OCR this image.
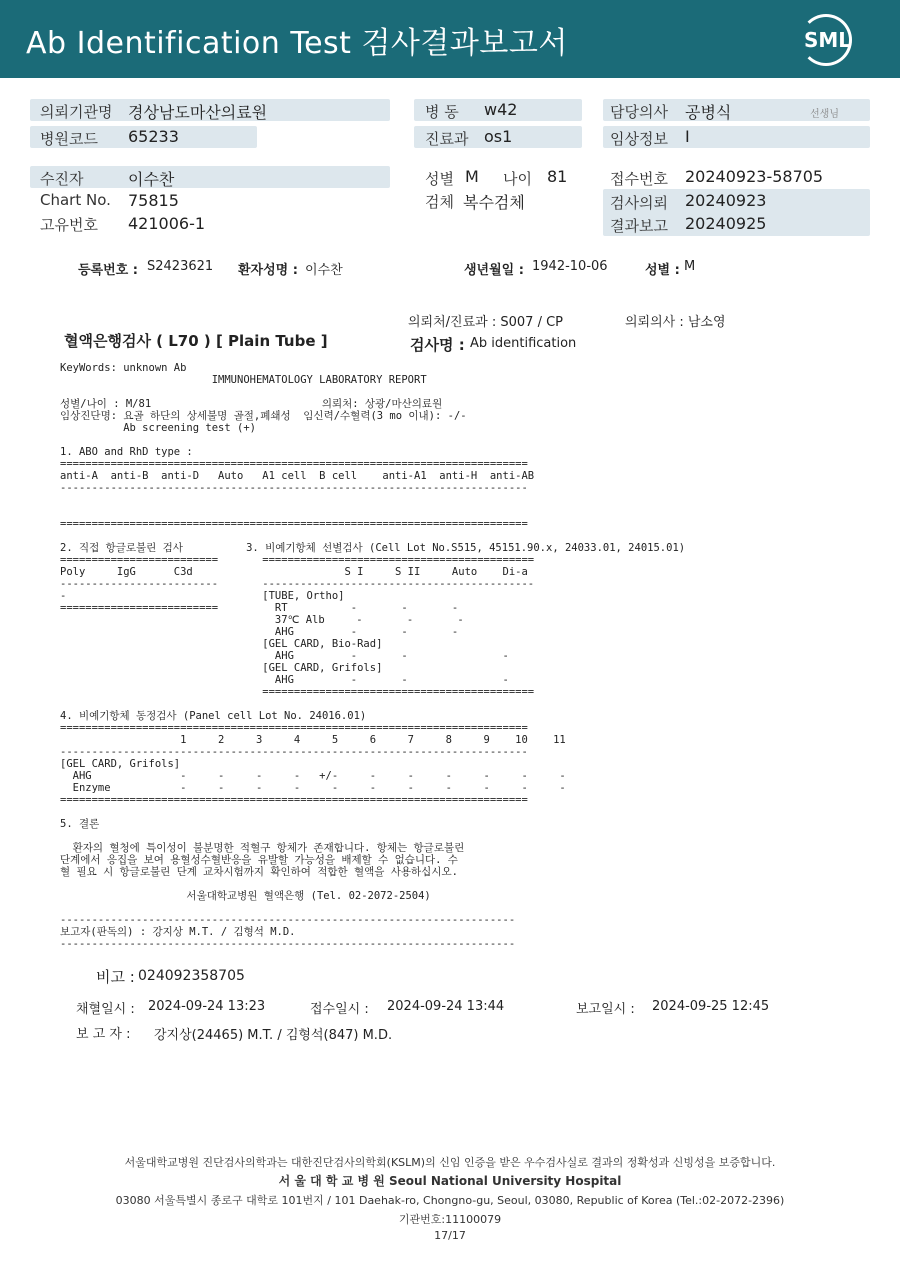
Ab Identification Test 검사결과보고서	SML
의뢰기관명 경상남도마산의료원
병원코드 65233
병 동 w42
진료과 os1
담당의사 공병식	선생님
임상정보 I
수진자	이수찬
Chart No. 75815
고유번호 421006-1
성별 M 나이 81
검체 복수검체
접수번호 20240923-58705
검사의뢰 20240923
결과보고 20240925
등록번호 : S2423621 환자성명 : 이수찬	생년월일 : 1942-10-06	성별 : M
의뢰처/진료과 : S007 / CP	의뢰의사 : 남소영
혈액은행검사 ( L70 ) [ Plain Tube ]	검사명 : Ab identification
KeyWords: unknown Ab
IMMUNOHEMATOLOGY LABORATORY REPORT

성별/나이 : M/81                           의뢰처: 상광/마산의료원
임상진단명: 요골 하단의 상세불명 골절,폐쇄성  임신력/수혈력(3 mo 이내): -/-
Ab screening test (+)

1. ABO and RhD type :
==========================================================================
anti-A  anti-B  anti-D   Auto   A1 cell  B cell    anti-A1  anti-H  anti-AB
--------------------------------------------------------------------------

==========================================================================

2. 직접 항글로불린 검사          3. 비예기항체 선별검사 (Cell Lot No.S515, 45151.90.x, 24033.01, 24015.01)
=========================       ===========================================
Poly     IgG      C3d                        S I     S II     Auto    Di-a
-------------------------       -------------------------------------------
-                               [TUBE, Ortho]
=========================         RT          -       -       -
37℃ Alb     -       -       -
AHG         -       -       -
[GEL CARD, Bio-Rad]
AHG         -       -               -
[GEL CARD, Grifols]
AHG         -       -               -
===========================================

4. 비예기항체 동정검사 (Panel cell Lot No. 24016.01)
==========================================================================
1     2     3     4     5     6     7     8     9    10    11
--------------------------------------------------------------------------
[GEL CARD, Grifols]
AHG              -     -     -     -   +/-     -     -     -     -     -     -
Enzyme           -     -     -     -     -     -     -     -     -     -     -
==========================================================================

5. 결론

환자의 혈청에 특이성이 불분명한 적혈구 항체가 존재합니다. 항체는 항글로불린
단계에서 응집을 보여 용혈성수혈반응을 유발할 가능성을 배제할 수 없습니다. 수
혈 필요 시 항글로불린 단계 교차시험까지 확인하여 적합한 혈액을 사용하십시오.

서울대학교병원 혈액은행 (Tel. 02-2072-2504)

------------------------------------------------------------------------
보고자(판독의) : 강지상 M.T. / 김형석 M.D.
------------------------------------------------------------------------
비고 : 024092358705
채혈일시 : 2024-09-24 13:23	접수일시 : 2024-09-24 13:44	보고일시 : 2024-09-25 12:45
보 고 자 : 강지상(24465) M.T. / 김형석(847) M.D.
서울대학교병원 진단검사의학과는 대한진단검사의학회(KSLM)의 신임 인증을 받은 우수검사실로 결과의 정확성과 신빙성을 보증합니다.
서 울 대 학 교 병 원 Seoul National University Hospital
03080 서울특별시 종로구 대학로 101번지 / 101 Daehak-ro, Chongno-gu, Seoul, 03080, Republic of Korea (Tel.:02-2072-2396)
기관번호:11100079
17/17
